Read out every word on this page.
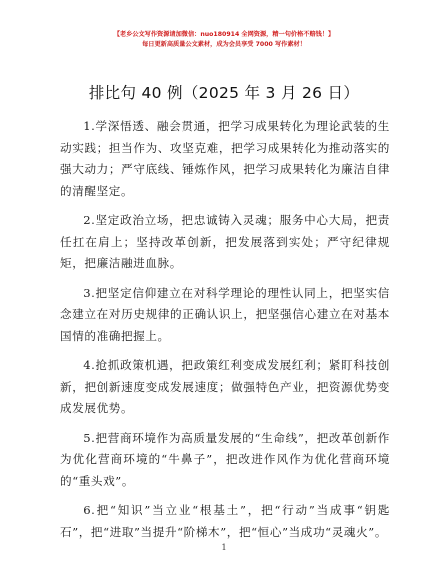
【老乡公文写作资源请加微信：nuo180914 全网资源，精一句价格不赔钱！】
每日更新高质量公文素材，成为会员享受 7000 写作素材！
排比句 40 例（2025 年 3 月 26 日）

1.学深悟透、融会贯通，把学习成果转化为理论武装的生动实践；担当作为、攻坚克难，把学习成果转化为推动落实的强大动力；严守底线、锤炼作风，把学习成果转化为廉洁自律的清醒坚定。

2.坚定政治立场，把忠诚铸入灵魂；服务中心大局，把责任扛在肩上；坚持改革创新，把发展落到实处；严守纪律规矩，把廉洁融进血脉。

3.把坚定信仰建立在对科学理论的理性认同上，把坚实信念建立在对历史规律的正确认识上，把坚强信心建立在对基本国情的准确把握上。

4.抢抓政策机遇，把政策红利变成发展红利；紧盯科技创新，把创新速度变成发展速度；做强特色产业，把资源优势变成发展优势。

5.把营商环境作为高质量发展的“生命线”，把改革创新作为优化营商环境的“牛鼻子”，把改进作风作为优化营商环境的“重头戏”。

6.把“知识”当立业“根基土”，把“行动”当成事“钥匙石”，把“进取”当提升“阶梯木”，把“恒心”当成功“灵魂火”。

1
